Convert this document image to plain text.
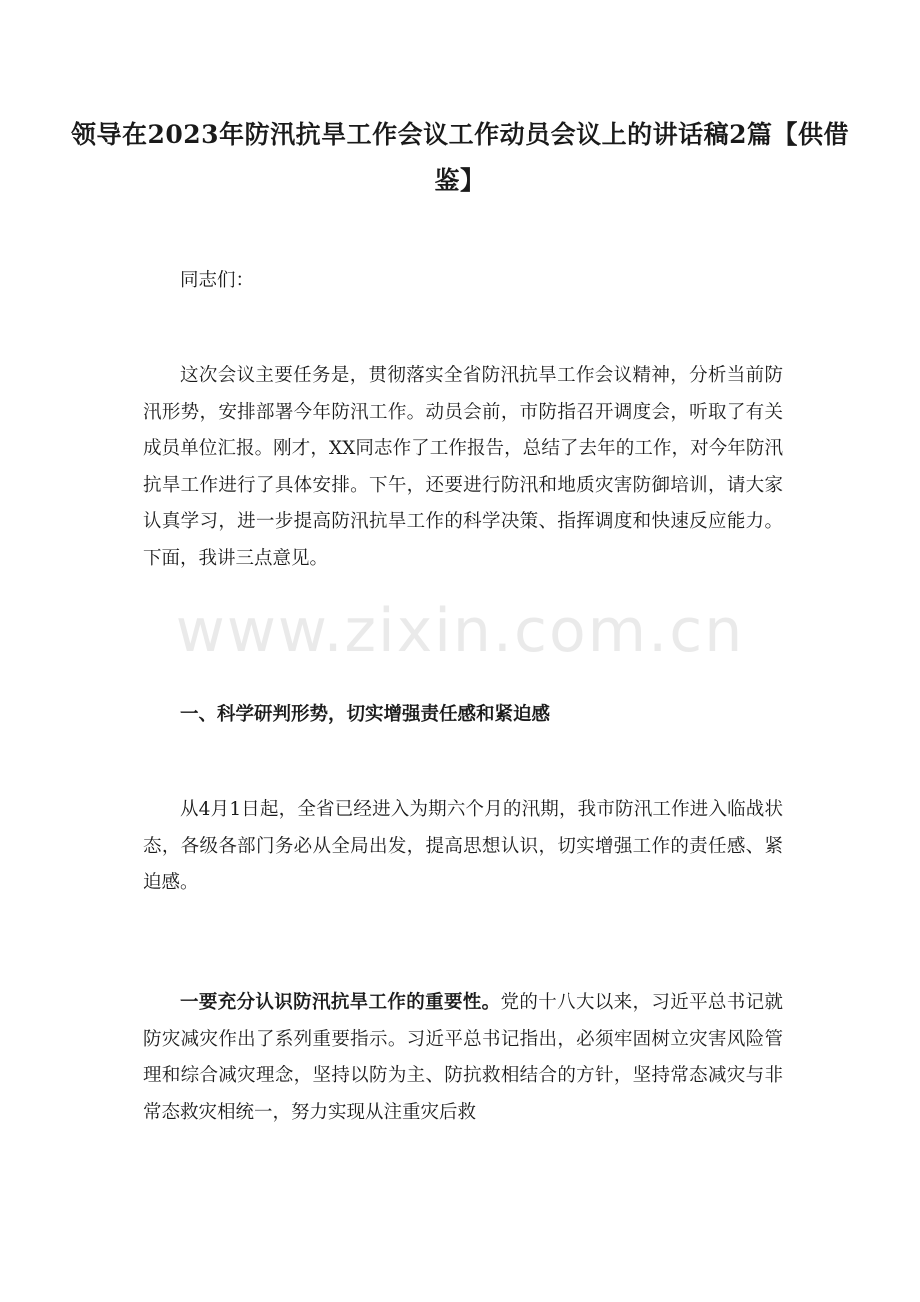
领导在2023年防汛抗旱工作会议工作动员会议上的讲话稿2篇【供借鉴】

同志们：

这次会议主要任务是，贯彻落实全省防汛抗旱工作会议精神，分析当前防汛形势，安排部署今年防汛工作。动员会前，市防指召开调度会，听取了有关成员单位汇报。刚才，XX同志作了工作报告，总结了去年的工作，对今年防汛抗旱工作进行了具体安排。下午，还要进行防汛和地质灾害防御培训，请大家认真学习，进一步提高防汛抗旱工作的科学决策、指挥调度和快速反应能力。下面，我讲三点意见。

一、科学研判形势，切实增强责任感和紧迫感

从4月1日起，全省已经进入为期六个月的汛期，我市防汛工作进入临战状态，各级各部门务必从全局出发，提高思想认识，切实增强工作的责任感、紧迫感。

一要充分认识防汛抗旱工作的重要性。党的十八大以来，习近平总书记就防灾减灾作出了系列重要指示。习近平总书记指出，必须牢固树立灾害风险管理和综合减灾理念，坚持以防为主、防抗救相结合的方针，坚持常态减灾与非常态救灾相统一，努力实现从注重灾后救

www.zixin.com.cn
